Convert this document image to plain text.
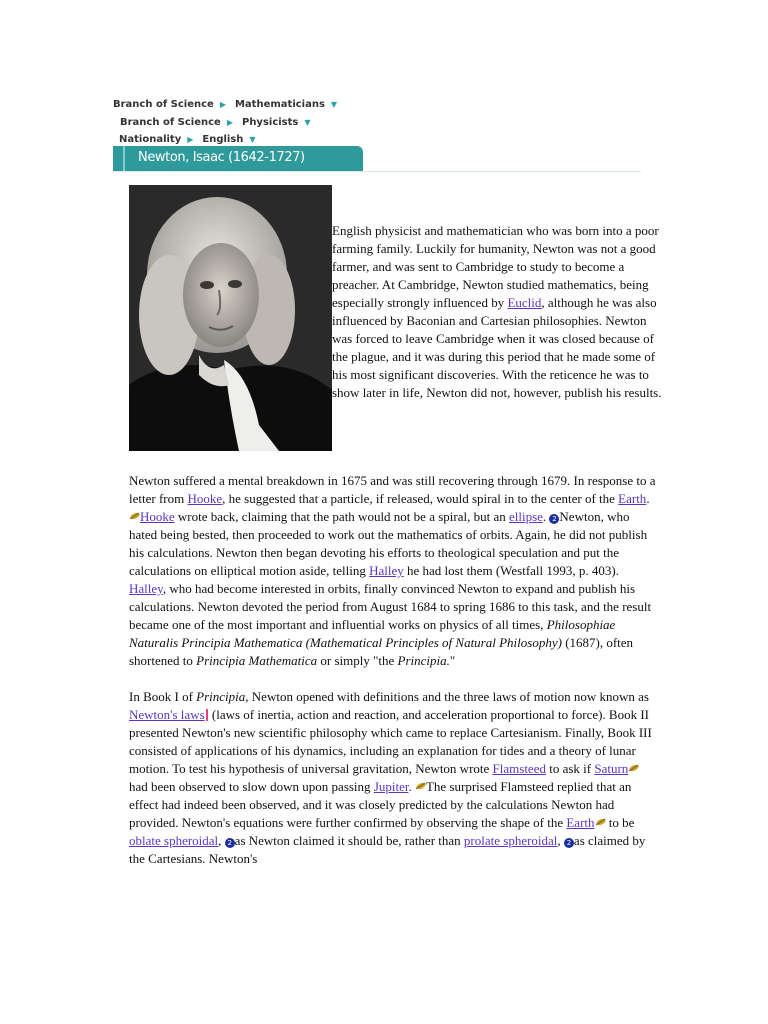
Branch of Science ▶ Mathematicians ▼
Branch of Science ▶ Physicists ▼
Nationality ▶ English ▼
Newton, Isaac (1642-1727)
English physicist and mathematician who was born into a poor farming family. Luckily for humanity, Newton was not a good farmer, and was sent to Cambridge to study to become a preacher. At Cambridge, Newton studied mathematics, being especially strongly influenced by Euclid, although he was also influenced by Baconian and Cartesian philosophies. Newton was forced to leave Cambridge when it was closed because of the plague, and it was during this period that he made some of his most significant discoveries. With the reticence he was to show later in life, Newton did not, however, publish his results.

Newton suffered a mental breakdown in 1675 and was still recovering through 1679. In response to a letter from Hooke, he suggested that a particle, if released, would spiral in to the center of the Earth. Hooke wrote back, claiming that the path would not be a spiral, but an ellipse. 2 Newton, who hated being bested, then proceeded to work out the mathematics of orbits. Again, he did not publish his calculations. Newton then began devoting his efforts to theological speculation and put the calculations on elliptical motion aside, telling Halley he had lost them (Westfall 1993, p. 403). Halley, who had become interested in orbits, finally convinced Newton to expand and publish his calculations. Newton devoted the period from August 1684 to spring 1686 to this task, and the result became one of the most important and influential works on physics of all times, Philosophiae Naturalis Principia Mathematica (Mathematical Principles of Natural Philosophy) (1687), often shortened to Principia Mathematica or simply "the Principia."

In Book I of Principia, Newton opened with definitions and the three laws of motion now known as Newton's laws (laws of inertia, action and reaction, and acceleration proportional to force). Book II presented Newton's new scientific philosophy which came to replace Cartesianism. Finally, Book III consisted of applications of his dynamics, including an explanation for tides and a theory of lunar motion. To test his hypothesis of universal gravitation, Newton wrote Flamsteed to ask if Saturn had been observed to slow down upon passing Jupiter. The surprised Flamsteed replied that an effect had indeed been observed, and it was closely predicted by the calculations Newton had provided. Newton's equations were further confirmed by observing the shape of the Earth to be oblate spheroidal, 2 as Newton claimed it should be, rather than prolate spheroidal, 2 as claimed by the Cartesians. Newton's
